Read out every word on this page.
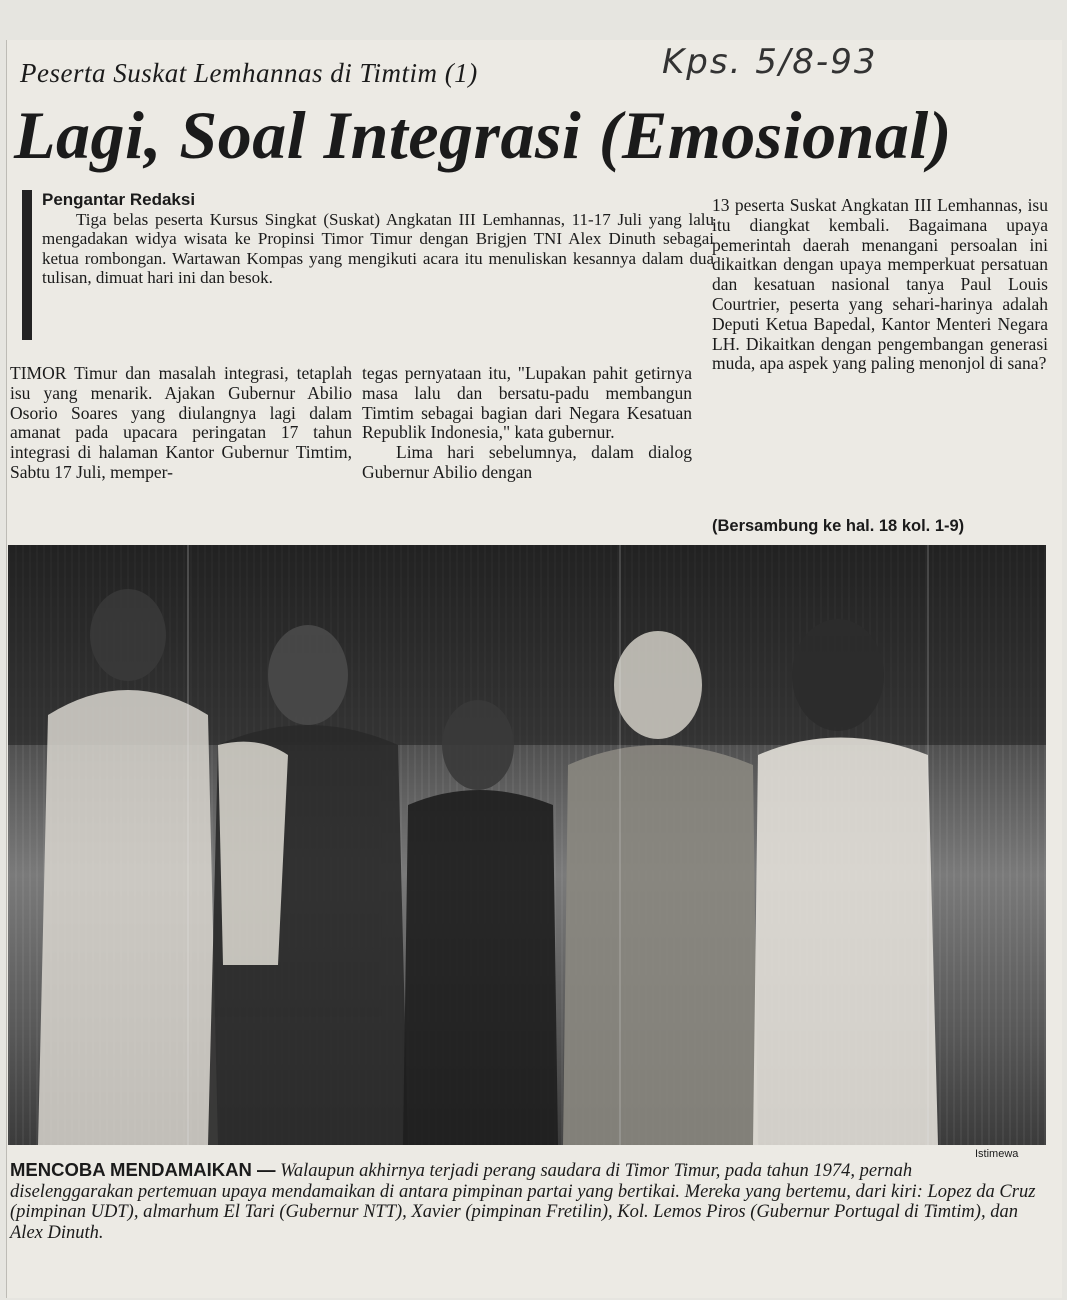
Peserta Suskat Lemhannas di Timtim (1)	Kps. 5/8-93
Lagi, Soal Integrasi (Emosional)
Pengantar Redaksi
Tiga belas peserta Kursus Singkat (Suskat) Angkatan III Lemhannas, 11-17 Juli yang lalu mengadakan widya wisata ke Propinsi Timor Timur dengan Brigjen TNI Alex Dinuth sebagai ketua rombongan. Wartawan Kompas yang mengikuti acara itu menuliskan kesannya dalam dua tulisan, dimuat hari ini dan besok.
TIMOR Timur dan masalah integrasi, tetaplah isu yang menarik. Ajakan Gubernur Abilio Osorio Soares yang diulangnya lagi dalam amanat pada upacara peringatan 17 tahun integrasi di halaman Kantor Gubernur Timtim, Sabtu 17 Juli, memper-
tegas pernyataan itu, "Lupakan pahit getirnya masa lalu dan bersatu-padu membangun Timtim sebagai bagian dari Negara Kesatuan Republik Indonesia," kata gubernur.
Lima hari sebelumnya, dalam dialog Gubernur Abilio dengan
13 peserta Suskat Angkatan III Lemhannas, isu itu diangkat kembali. Bagaimana upaya pemerintah daerah menangani persoalan ini dikaitkan dengan upaya memperkuat persatuan dan kesatuan nasional tanya Paul Louis Courtrier, peserta yang sehari-harinya adalah Deputi Ketua Bapedal, Kantor Menteri Negara LH. Dikaitkan dengan pengembangan generasi muda, apa aspek yang paling menonjol di sana?
(Bersambung ke hal. 18 kol. 1-9)
Istimewa
MENCOBA MENDAMAIKAN — Walaupun akhirnya terjadi perang saudara di Timor Timur, pada tahun 1974, pernah diselenggarakan pertemuan upaya mendamaikan di antara pimpinan partai yang bertikai. Mereka yang bertemu, dari kiri: Lopez da Cruz (pimpinan UDT), almarhum El Tari (Gubernur NTT), Xavier (pimpinan Fretilin), Kol. Lemos Piros (Gubernur Portugal di Timtim), dan Alex Dinuth.
